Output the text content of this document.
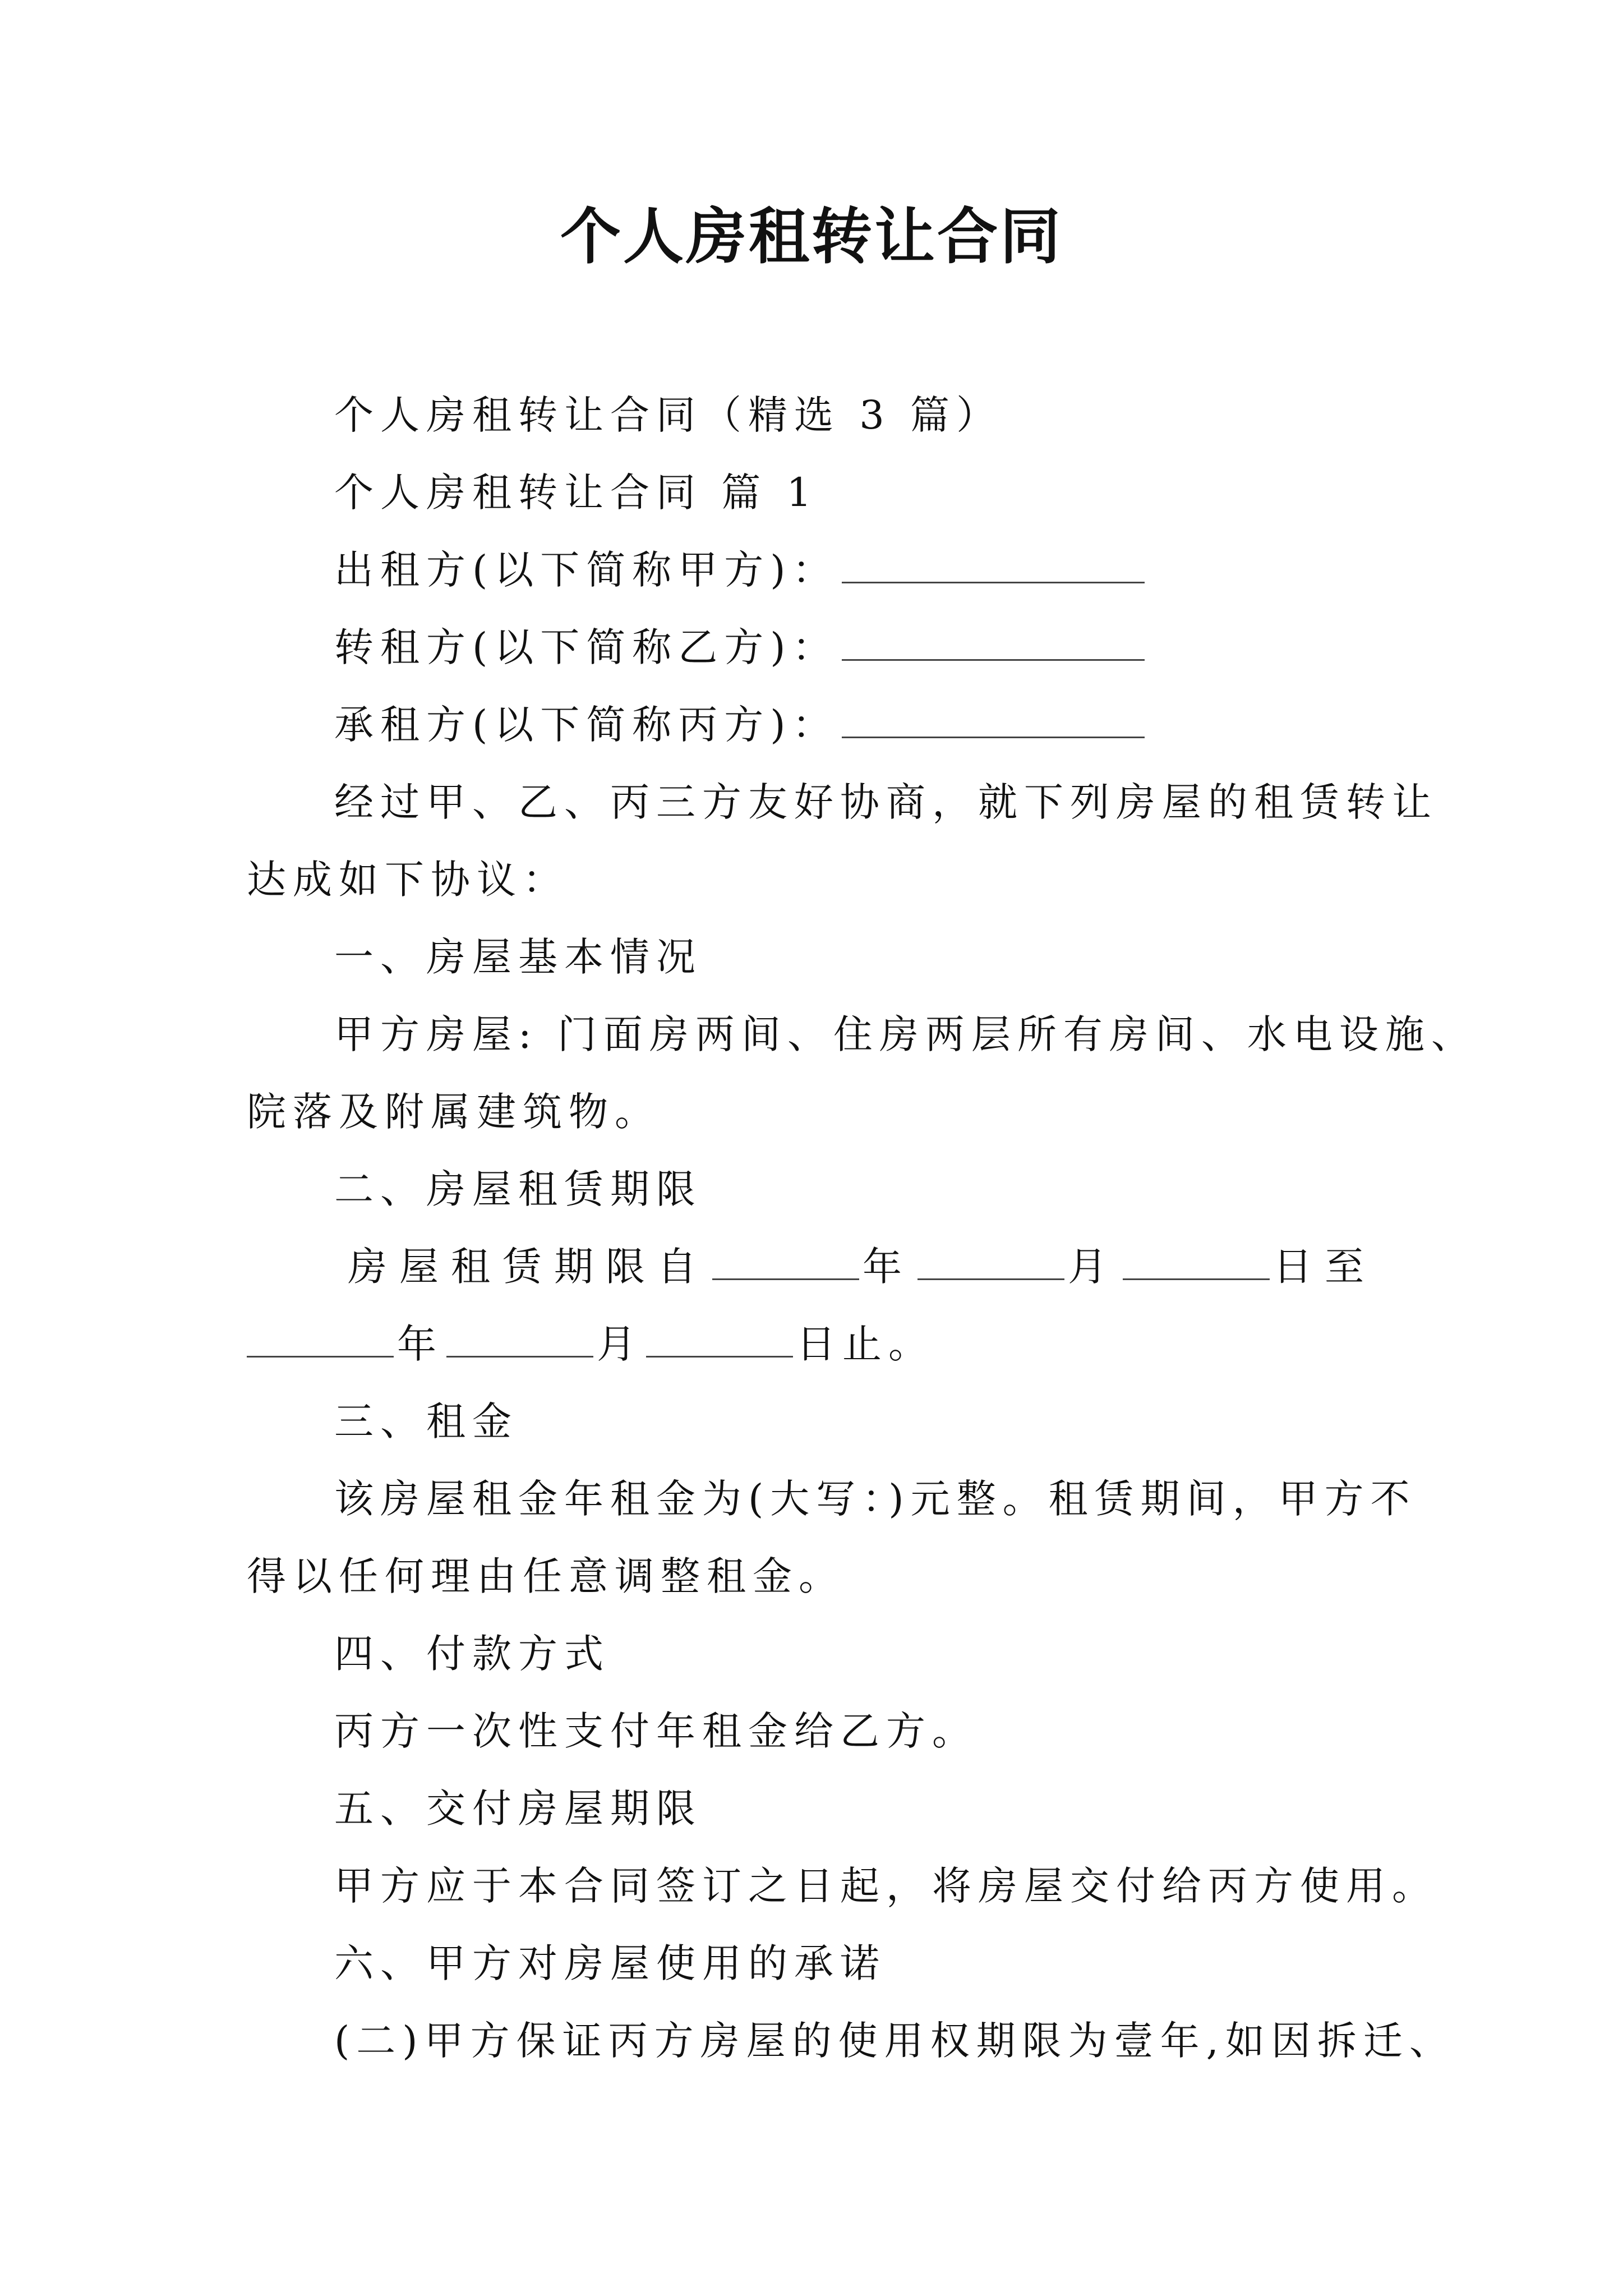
个人房租转让合同
个人房租转让合同（精选 3 篇）
个人房租转让合同 篇 1
出租方(以下简称甲方)：
转租方(以下简称乙方)：
承租方(以下简称丙方)：
经过甲、乙、丙三方友好协商，就下列房屋的租赁转让
达成如下协议：
一、房屋基本情况
甲方房屋: 门面房两间、住房两层所有房间、水电设施、
院落及附属建筑物。
二、房屋租赁期限
房屋租赁期限自	年	月	日至
年	月	日止。
三、租金
该房屋租金年租金为(大写：)元整。租赁期间，甲方不
得以任何理由任意调整租金。
四、付款方式
丙方一次性支付年租金给乙方。
五、交付房屋期限
甲方应于本合同签订之日起，将房屋交付给丙方使用。
六、甲方对房屋使用的承诺
(二)甲方保证丙方房屋的使用权期限为壹年,如因拆迁、
